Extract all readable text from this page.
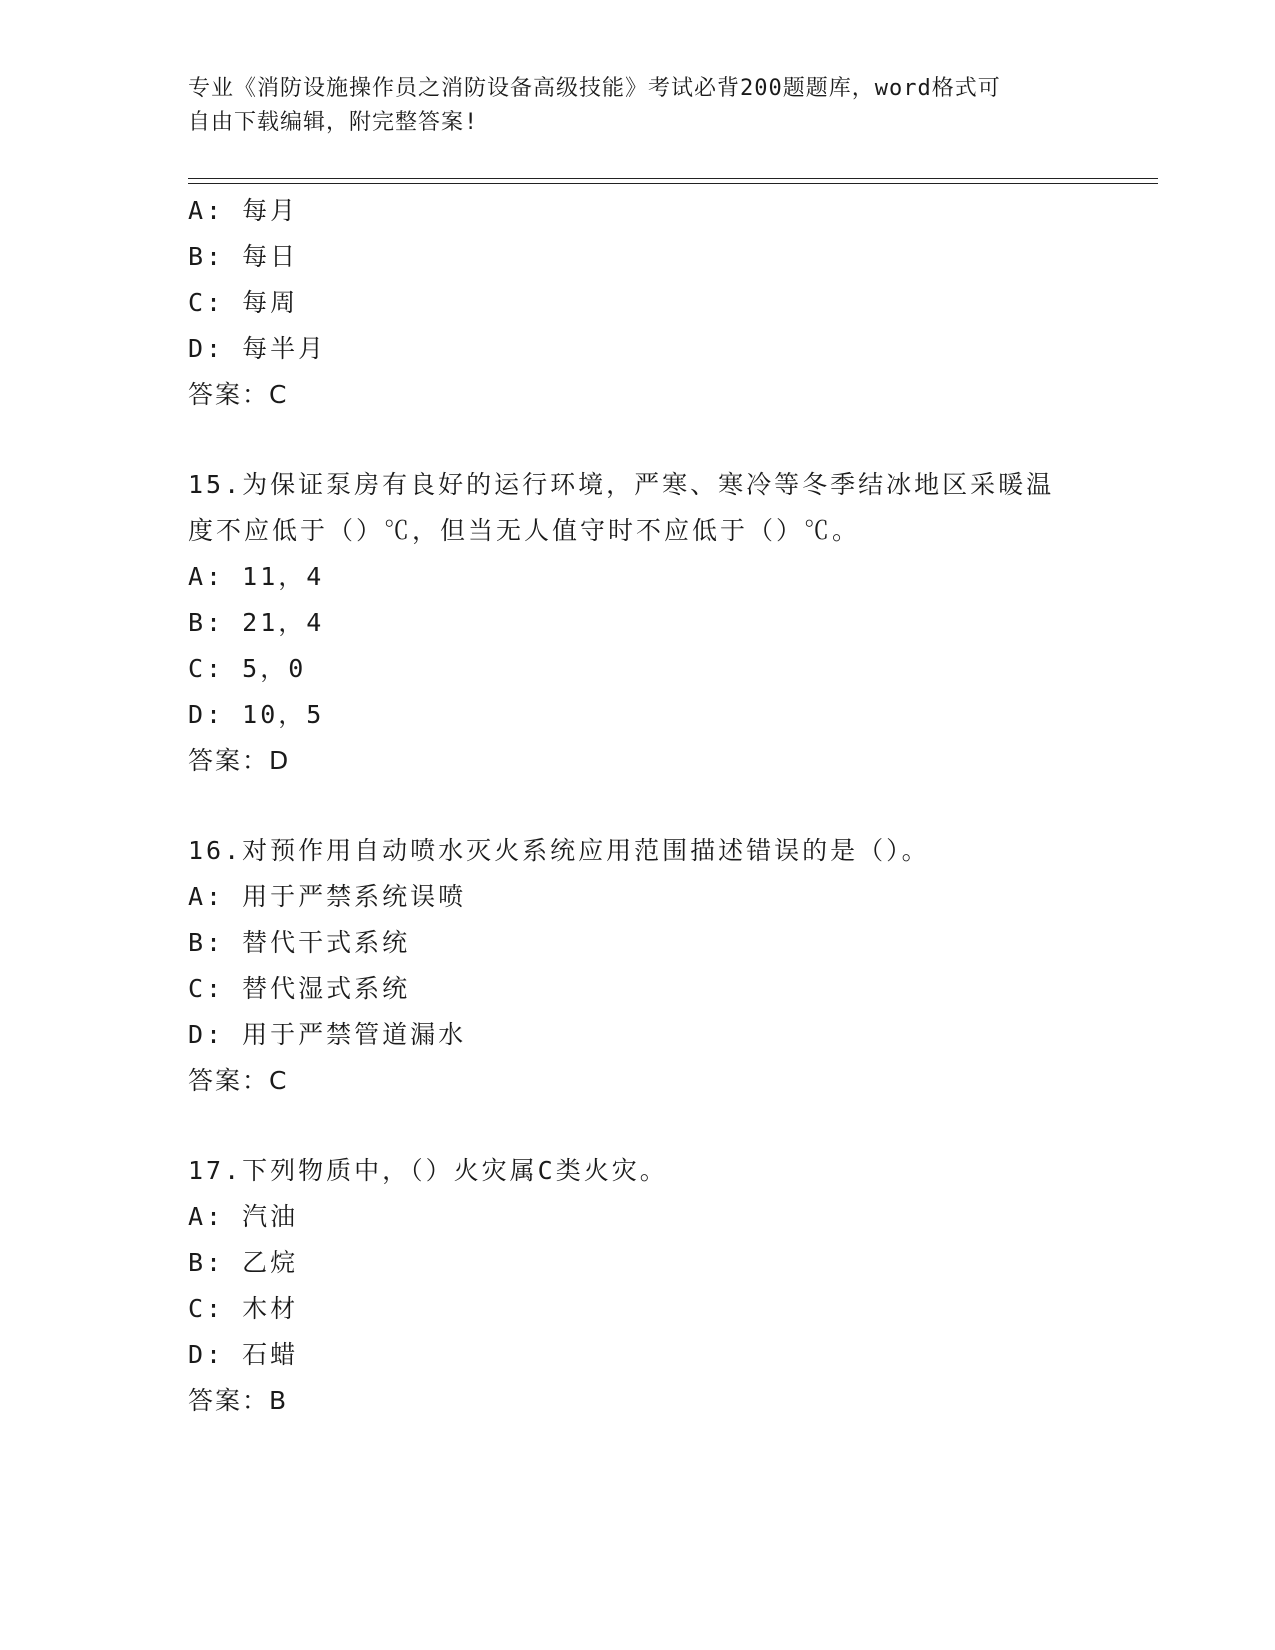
专业《消防设施操作员之消防设备高级技能》考试必背200题题库，word格式可
自由下载编辑，附完整答案!
A: 每月
B: 每日
C: 每周
D: 每半月
答案：C
15.为保证泵房有良好的运行环境，严寒、寒冷等冬季结冰地区采暖温
度不应低于（）℃，但当无人值守时不应低于（）℃。
A: 11，4
B: 21，4
C: 5，0
D: 10，5
答案：D
16.对预作用自动喷水灭火系统应用范围描述错误的是（）。
A: 用于严禁系统误喷
B: 替代干式系统
C: 替代湿式系统
D: 用于严禁管道漏水
答案：C
17.下列物质中，（）火灾属C类火灾。
A: 汽油
B: 乙烷
C: 木材
D: 石蜡
答案：B
